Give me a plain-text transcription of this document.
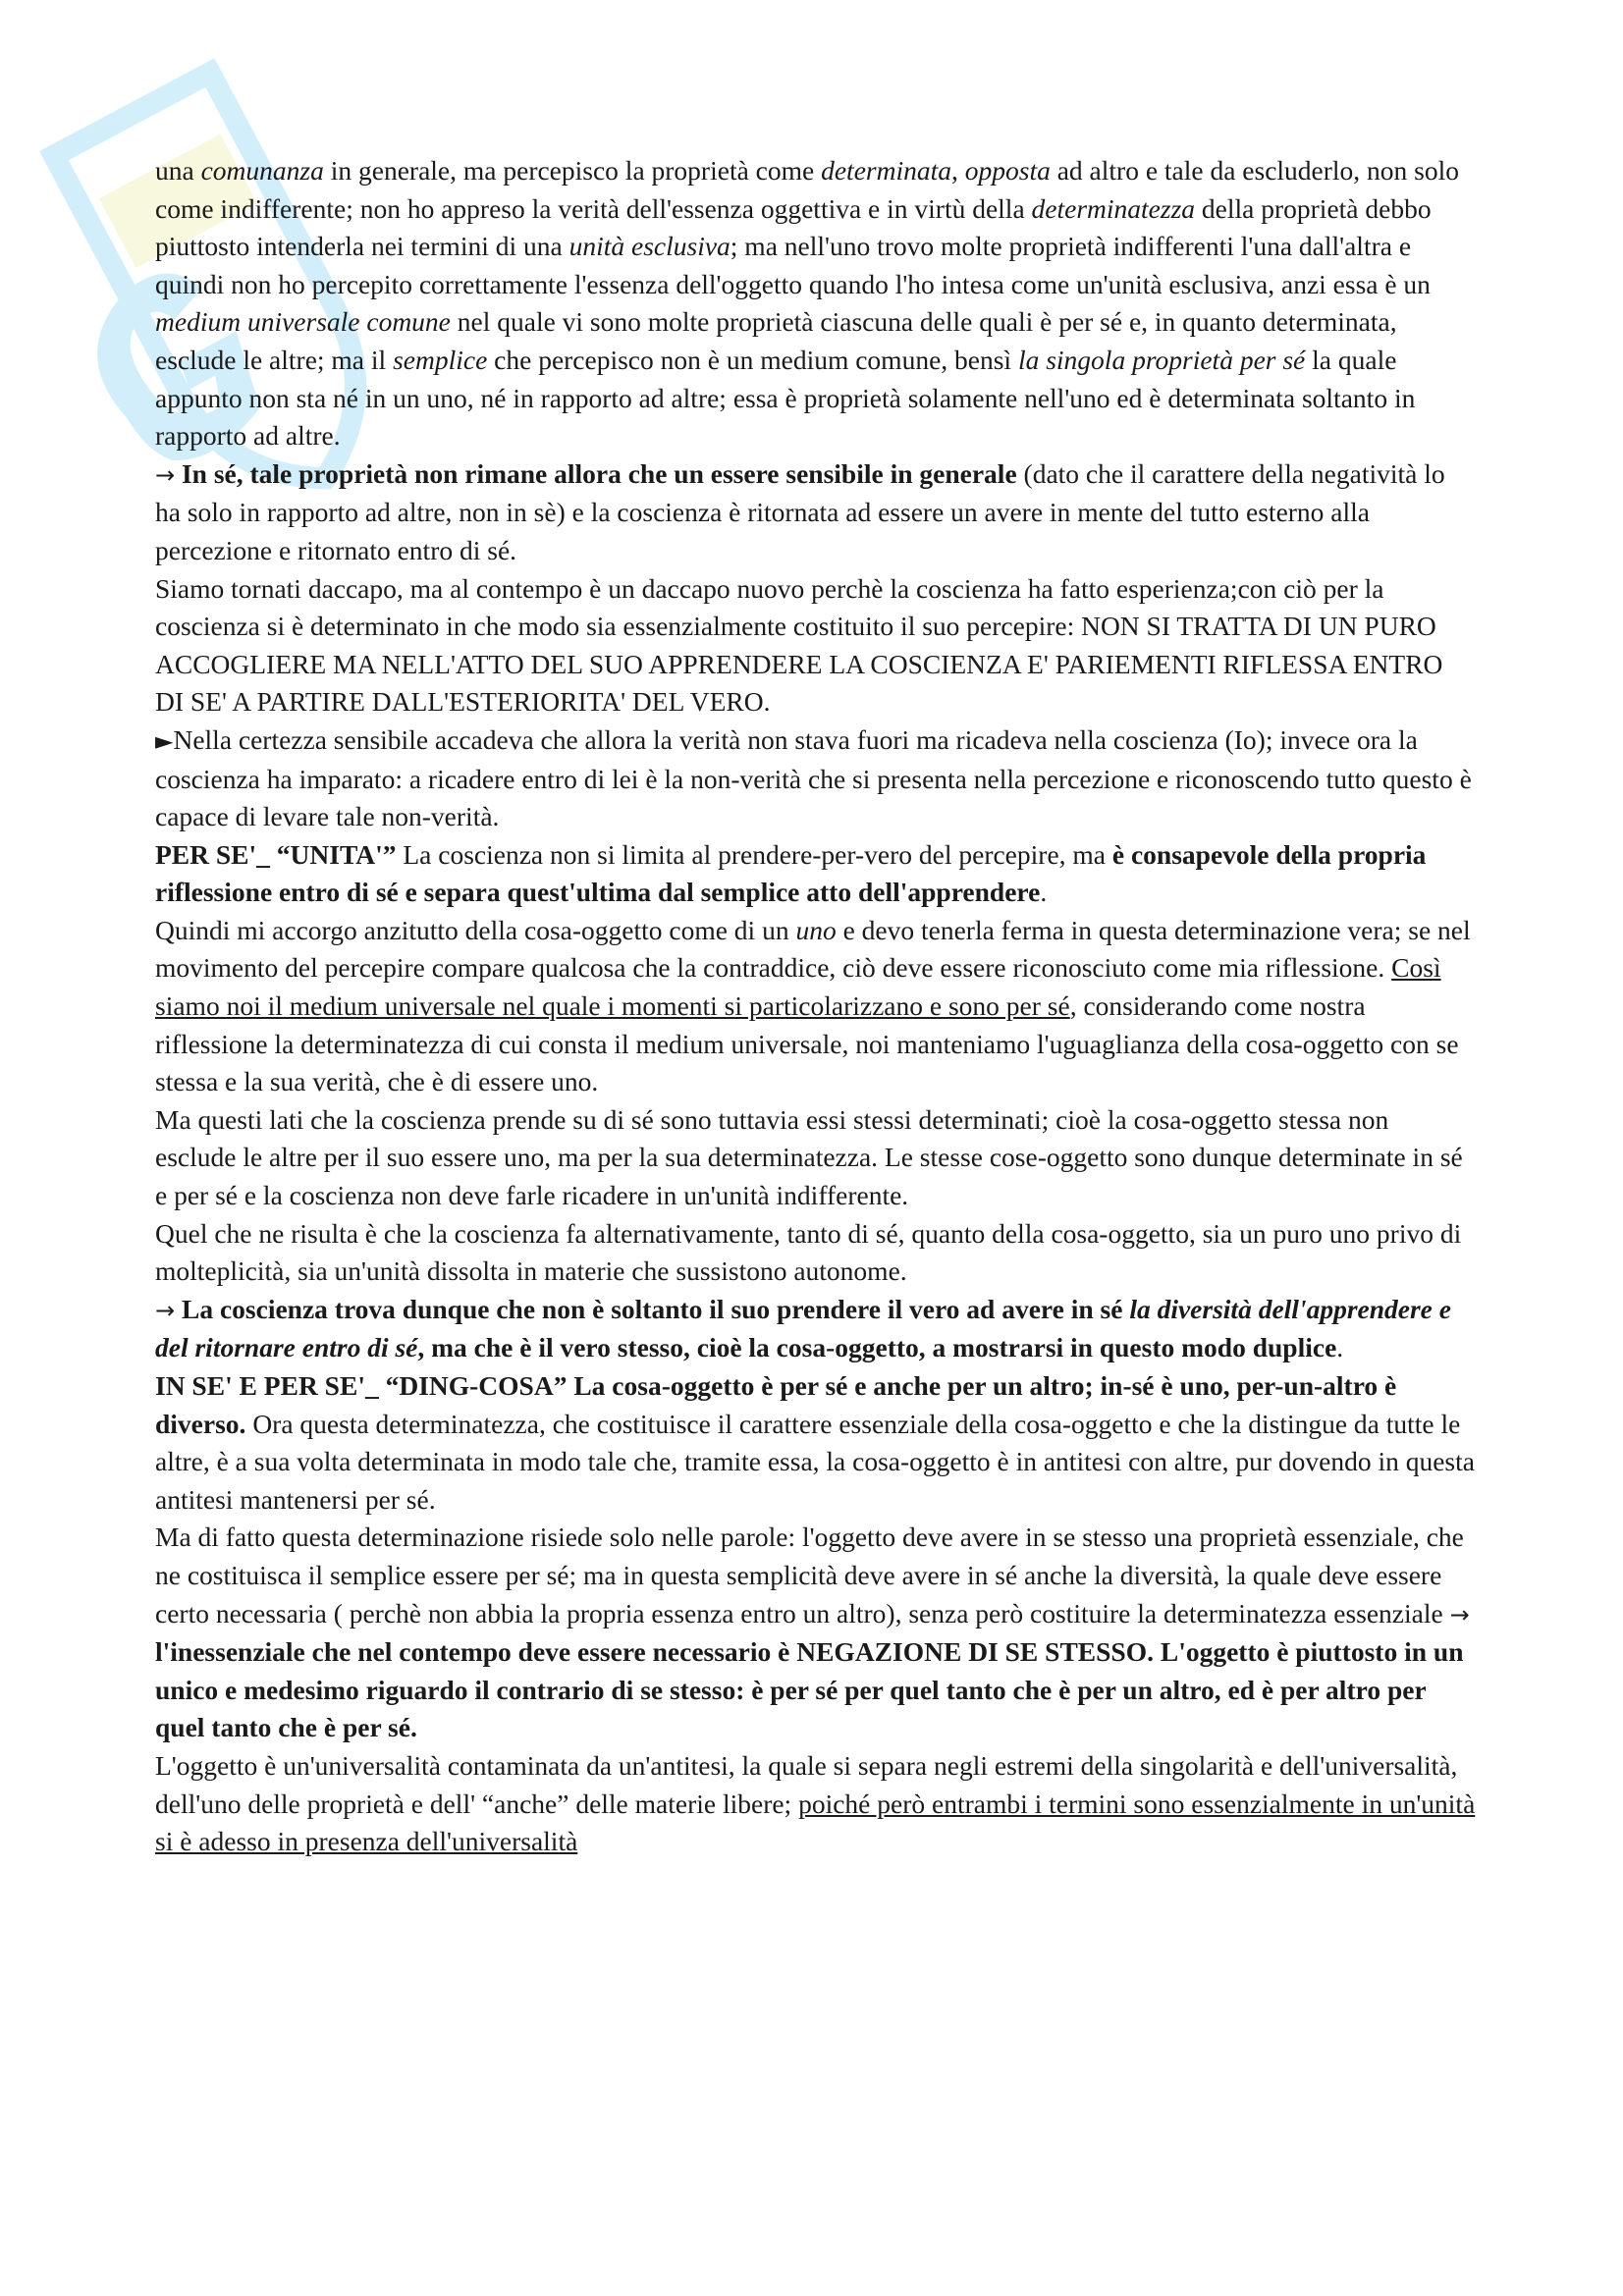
una comunanza in generale, ma percepisco la proprietà come determinata, opposta ad altro e tale da escluderlo, non solo come indifferente; non ho appreso la verità dell'essenza oggettiva e in virtù della determinatezza della proprietà debbo piuttosto intenderla nei termini di una unità esclusiva; ma nell'uno trovo molte proprietà indifferenti l'una dall'altra e quindi non ho percepito correttamente l'essenza dell'oggetto quando l'ho intesa come un'unità esclusiva, anzi essa è un medium universale comune nel quale vi sono molte proprietà ciascuna delle quali è per sé e, in quanto determinata, esclude le altre; ma il semplice che percepisco non è un medium comune, bensì la singola proprietà per sé la quale appunto non sta né in un uno, né in rapporto ad altre; essa è proprietà solamente nell'uno ed è determinata soltanto in rapporto ad altre.

→ In sé, tale proprietà non rimane allora che un essere sensibile in generale (dato che il carattere della negatività lo ha solo in rapporto ad altre, non in sè) e la coscienza è ritornata ad essere un avere in mente del tutto esterno alla percezione e ritornato entro di sé.

Siamo tornati daccapo, ma al contempo è un daccapo nuovo perchè la coscienza ha fatto esperienza;con ciò per la coscienza si è determinato in che modo sia essenzialmente costituito il suo percepire: NON SI TRATTA DI UN PURO ACCOGLIERE MA NELL'ATTO DEL SUO APPRENDERE LA COSCIENZA E' PARIEMENTI RIFLESSA ENTRO DI SE' A PARTIRE DALL'ESTERIORITA' DEL VERO.

►Nella certezza sensibile accadeva che allora la verità non stava fuori ma ricadeva nella coscienza (Io); invece ora la coscienza ha imparato: a ricadere entro di lei è la non-verità che si presenta nella percezione e riconoscendo tutto questo è capace di levare tale non-verità.

PER SE'_ “UNITA'” La coscienza non si limita al prendere-per-vero del percepire, ma è consapevole della propria riflessione entro di sé e separa quest'ultima dal semplice atto dell'apprendere.

Quindi mi accorgo anzitutto della cosa-oggetto come di un uno e devo tenerla ferma in questa determinazione vera; se nel movimento del percepire compare qualcosa che la contraddice, ciò deve essere riconosciuto come mia riflessione. Così siamo noi il medium universale nel quale i momenti si particolarizzano e sono per sé, considerando come nostra riflessione la determinatezza di cui consta il medium universale, noi manteniamo l'uguaglianza della cosa-oggetto con se stessa e la sua verità, che è di essere uno.

Ma questi lati che la coscienza prende su di sé sono tuttavia essi stessi determinati; cioè la cosa-oggetto stessa non esclude le altre per il suo essere uno, ma per la sua determinatezza. Le stesse cose-oggetto sono dunque determinate in sé e per sé e la coscienza non deve farle ricadere in un'unità indifferente.

Quel che ne risulta è che la coscienza fa alternativamente, tanto di sé, quanto della cosa-oggetto, sia un puro uno privo di molteplicità, sia un'unità dissolta in materie che sussistono autonome.

→ La coscienza trova dunque che non è soltanto il suo prendere il vero ad avere in sé la diversità dell'apprendere e del ritornare entro di sé, ma che è il vero stesso, cioè la cosa-oggetto, a mostrarsi in questo modo duplice.

IN SE' E PER SE'_ “DING-COSA” La cosa-oggetto è per sé e anche per un altro; in-sé è uno, per-un-altro è diverso. Ora questa determinatezza, che costituisce il carattere essenziale della cosa-oggetto e che la distingue da tutte le altre, è a sua volta determinata in modo tale che, tramite essa, la cosa-oggetto è in antitesi con altre, pur dovendo in questa antitesi mantenersi per sé.

Ma di fatto questa determinazione risiede solo nelle parole: l'oggetto deve avere in se stesso una proprietà essenziale, che ne costituisca il semplice essere per sé; ma in questa semplicità deve avere in sé anche la diversità, la quale deve essere certo necessaria ( perchè non abbia la propria essenza entro un altro), senza però costituire la determinatezza essenziale → l'inessenziale che nel contempo deve essere necessario è NEGAZIONE DI SE STESSO. L'oggetto è piuttosto in un unico e medesimo riguardo il contrario di se stesso: è per sé per quel tanto che è per un altro, ed è per altro per quel tanto che è per sé.

L'oggetto è un'universalità contaminata da un'antitesi, la quale si separa negli estremi della singolarità e dell'universalità, dell'uno delle proprietà e dell' “anche” delle materie libere; poiché però entrambi i termini sono essenzialmente in un'unità si è adesso in presenza dell'universalità
